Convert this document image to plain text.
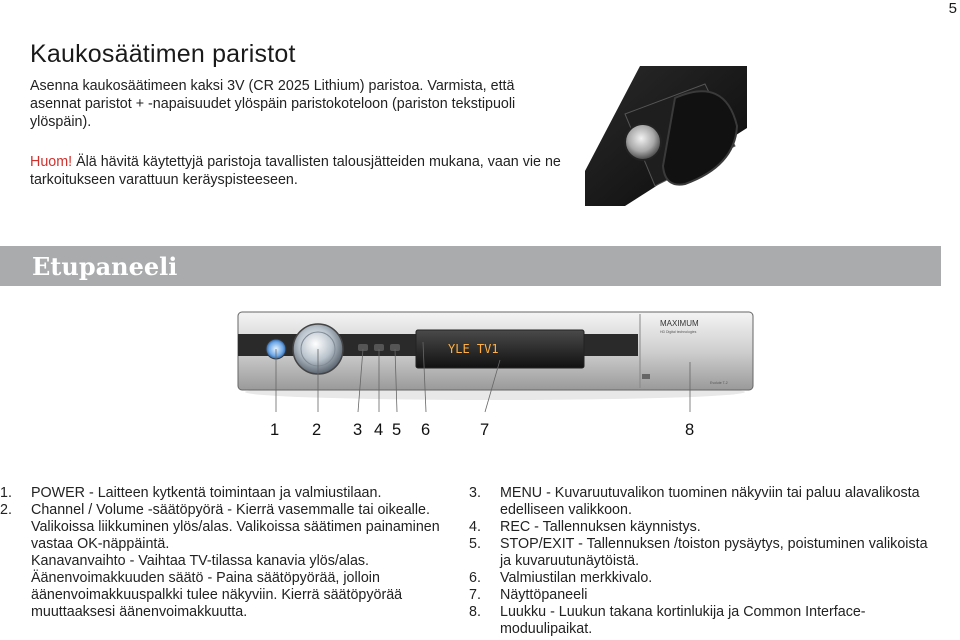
5
Kaukosäätimen paristot

Asenna kaukosäätimeen kaksi 3V (CR 2025 Lithium) paristoa. Varmista, että asennat paristot + -napaisuudet ylöspäin paristokoteloon (pariston tekstipuoli ylöspäin).

Huom! Älä hävitä käytettyjä paristoja tavallisten talousjätteiden mukana, vaan vie ne tarkoitukseen varattuun keräyspisteeseen.

Etupaneeli
YLE TV1
MAXIMUM
HD Digital technologies
Evolute T-2
1 2 3 4 5 6	7	8
1. POWER - Laitteen kytkentä toimintaan ja valmiustilaan.
2. Channel / Volume -säätöpyörä - Kierrä vasemmalle tai oikealle.
Valikoissa liikkuminen ylös/alas. Valikoissa säätimen painaminen vastaa OK-näppäintä.
Kanavanvaihto - Vaihtaa TV-tilassa kanavia ylös/alas.
Äänenvoimakkuuden säätö - Paina säätöpyörää, jolloin äänenvoimakkuuspalkki tulee näkyviin. Kierrä säätöpyörää muuttaaksesi äänenvoimakkuutta.
3. MENU - Kuvaruutuvalikon tuominen näkyviin tai paluu alavalikosta edelliseen valikkoon.
4. REC - Tallennuksen käynnistys.
5. STOP/EXIT - Tallennuksen /toiston pysäytys, poistuminen valikoista ja kuvaruutunäytöistä.
6. Valmiustilan merkkivalo.
7. Näyttöpaneeli
8. Luukku - Luukun takana kortinlukija ja Common Interface-moduulipaikat.
